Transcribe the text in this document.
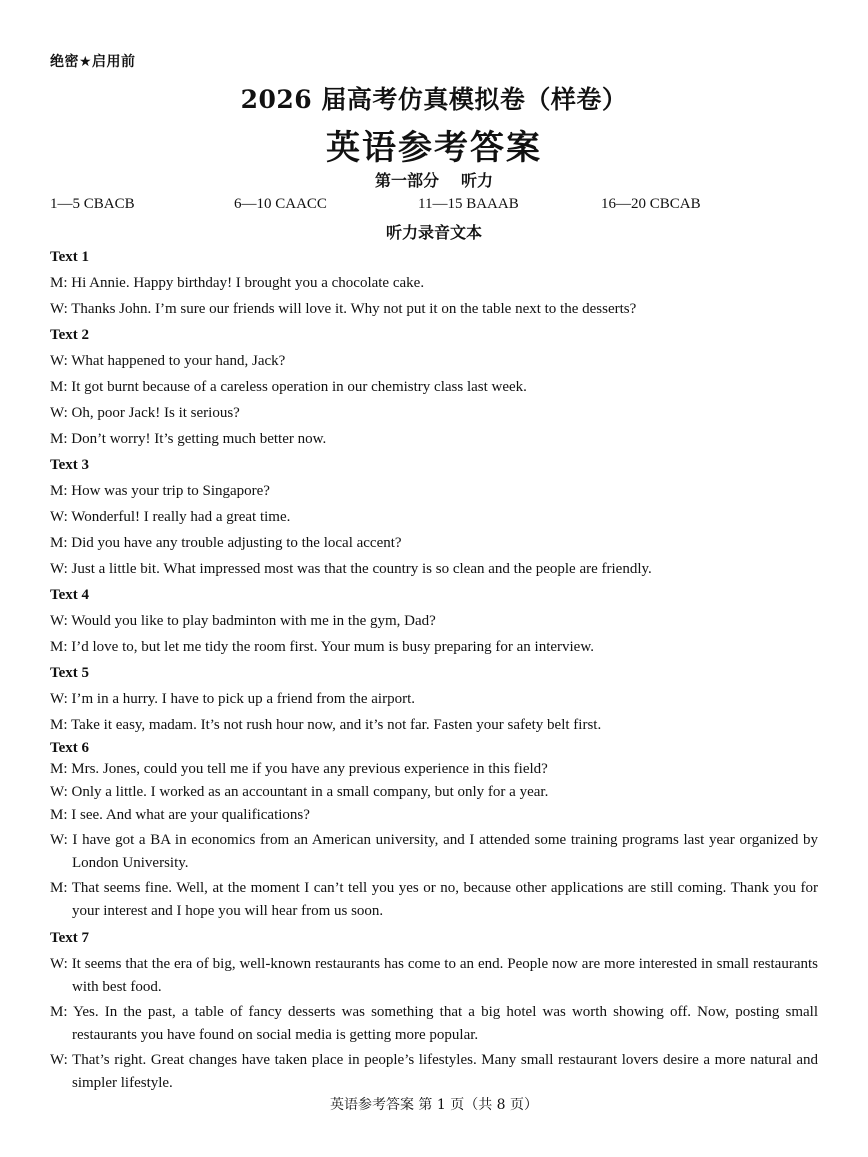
绝密★启用前
2026 届高考仿真模拟卷（样卷）
英语参考答案
第一部分 听力
1—5 CBACB	6—10 CAACC	11—15 BAAAB	16—20 CBCAB
听力录音文本
Text 1
M: Hi Annie. Happy birthday! I brought you a chocolate cake.
W: Thanks John. I’m sure our friends will love it. Why not put it on the table next to the desserts?
Text 2
W: What happened to your hand, Jack?
M: It got burnt because of a careless operation in our chemistry class last week.
W: Oh, poor Jack! Is it serious?
M: Don’t worry! It’s getting much better now.
Text 3
M: How was your trip to Singapore?
W: Wonderful! I really had a great time.
M: Did you have any trouble adjusting to the local accent?
W: Just a little bit. What impressed most was that the country is so clean and the people are friendly.
Text 4
W: Would you like to play badminton with me in the gym, Dad?
M: I’d love to, but let me tidy the room first. Your mum is busy preparing for an interview.
Text 5
W: I’m in a hurry. I have to pick up a friend from the airport.
M: Take it easy, madam. It’s not rush hour now, and it’s not far. Fasten your safety belt first.
Text 6
M: Mrs. Jones, could you tell me if you have any previous experience in this field?
W: Only a little. I worked as an accountant in a small company, but only for a year.
M: I see. And what are your qualifications?
W: I have got a BA in economics from an American university, and I attended some training programs last year organized by London University.
M: That seems fine. Well, at the moment I can’t tell you yes or no, because other applications are still coming. Thank you for your interest and I hope you will hear from us soon.
Text 7
W: It seems that the era of big, well-known restaurants has come to an end. People now are more interested in small restaurants with best food.
M: Yes. In the past, a table of fancy desserts was something that a big hotel was worth showing off. Now, posting small restaurants you have found on social media is getting more popular.
W: That’s right. Great changes have taken place in people’s lifestyles. Many small restaurant lovers desire a more natural and simpler lifestyle.
英语参考答案 第 1 页（共 8 页）
